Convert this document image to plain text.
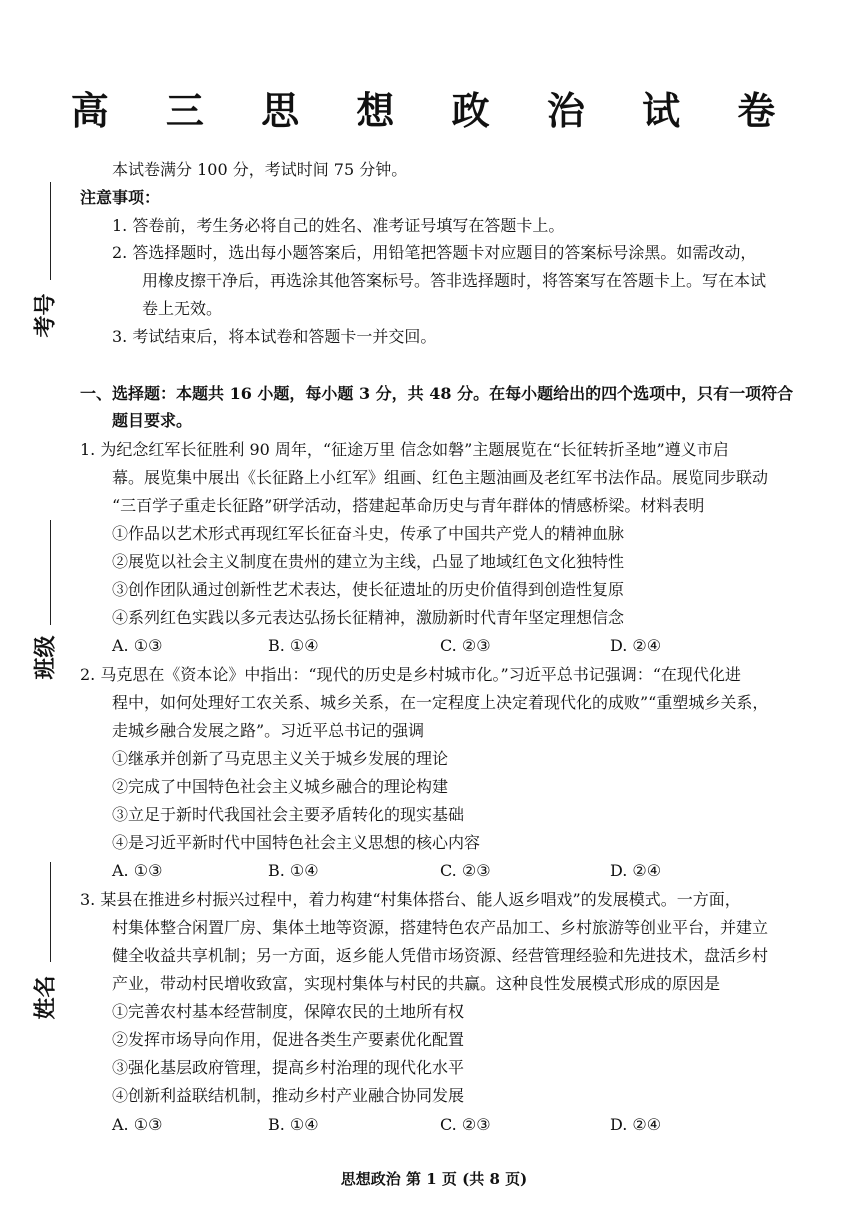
高 三 思 想 政 治 试 卷
本试卷满分 100 分，考试时间 75 分钟。
注意事项：
1. 答卷前，考生务必将自己的姓名、准考证号填写在答题卡上。
2. 答选择题时，选出每小题答案后，用铅笔把答题卡对应题目的答案标号涂黑。如需改动，
用橡皮擦干净后，再选涂其他答案标号。答非选择题时，将答案写在答题卡上。写在本试
卷上无效。
3. 考试结束后，将本试卷和答题卡一并交回。
考号
班级
姓名
一、选择题：本题共 16 小题，每小题 3 分，共 48 分。在每小题给出的四个选项中，只有一项符合
题目要求。
1. 为纪念红军长征胜利 90 周年，“征途万里 信念如磐”主题展览在“长征转折圣地”遵义市启
幕。展览集中展出《长征路上小红军》组画、红色主题油画及老红军书法作品。展览同步联动
“三百学子重走长征路”研学活动，搭建起革命历史与青年群体的情感桥梁。材料表明
①作品以艺术形式再现红军长征奋斗史，传承了中国共产党人的精神血脉
②展览以社会主义制度在贵州的建立为主线，凸显了地域红色文化独特性
③创作团队通过创新性艺术表达，使长征遗址的历史价值得到创造性复原
④系列红色实践以多元表达弘扬长征精神，激励新时代青年坚定理想信念
A. ①③	B. ①④	C. ②③	D. ②④
2. 马克思在《资本论》中指出：“现代的历史是乡村城市化。”习近平总书记强调：“在现代化进
程中，如何处理好工农关系、城乡关系，在一定程度上决定着现代化的成败”“重塑城乡关系，
走城乡融合发展之路”。习近平总书记的强调
①继承并创新了马克思主义关于城乡发展的理论
②完成了中国特色社会主义城乡融合的理论构建
③立足于新时代我国社会主要矛盾转化的现实基础
④是习近平新时代中国特色社会主义思想的核心内容
A. ①③	B. ①④	C. ②③	D. ②④
3. 某县在推进乡村振兴过程中，着力构建“村集体搭台、能人返乡唱戏”的发展模式。一方面，
村集体整合闲置厂房、集体土地等资源，搭建特色农产品加工、乡村旅游等创业平台，并建立
健全收益共享机制；另一方面，返乡能人凭借市场资源、经营管理经验和先进技术，盘活乡村
产业，带动村民增收致富，实现村集体与村民的共赢。这种良性发展模式形成的原因是
①完善农村基本经营制度，保障农民的土地所有权
②发挥市场导向作用，促进各类生产要素优化配置
③强化基层政府管理，提高乡村治理的现代化水平
④创新利益联结机制，推动乡村产业融合协同发展
A. ①③	B. ①④	C. ②③	D. ②④
思想政治 第 1 页 (共 8 页)
